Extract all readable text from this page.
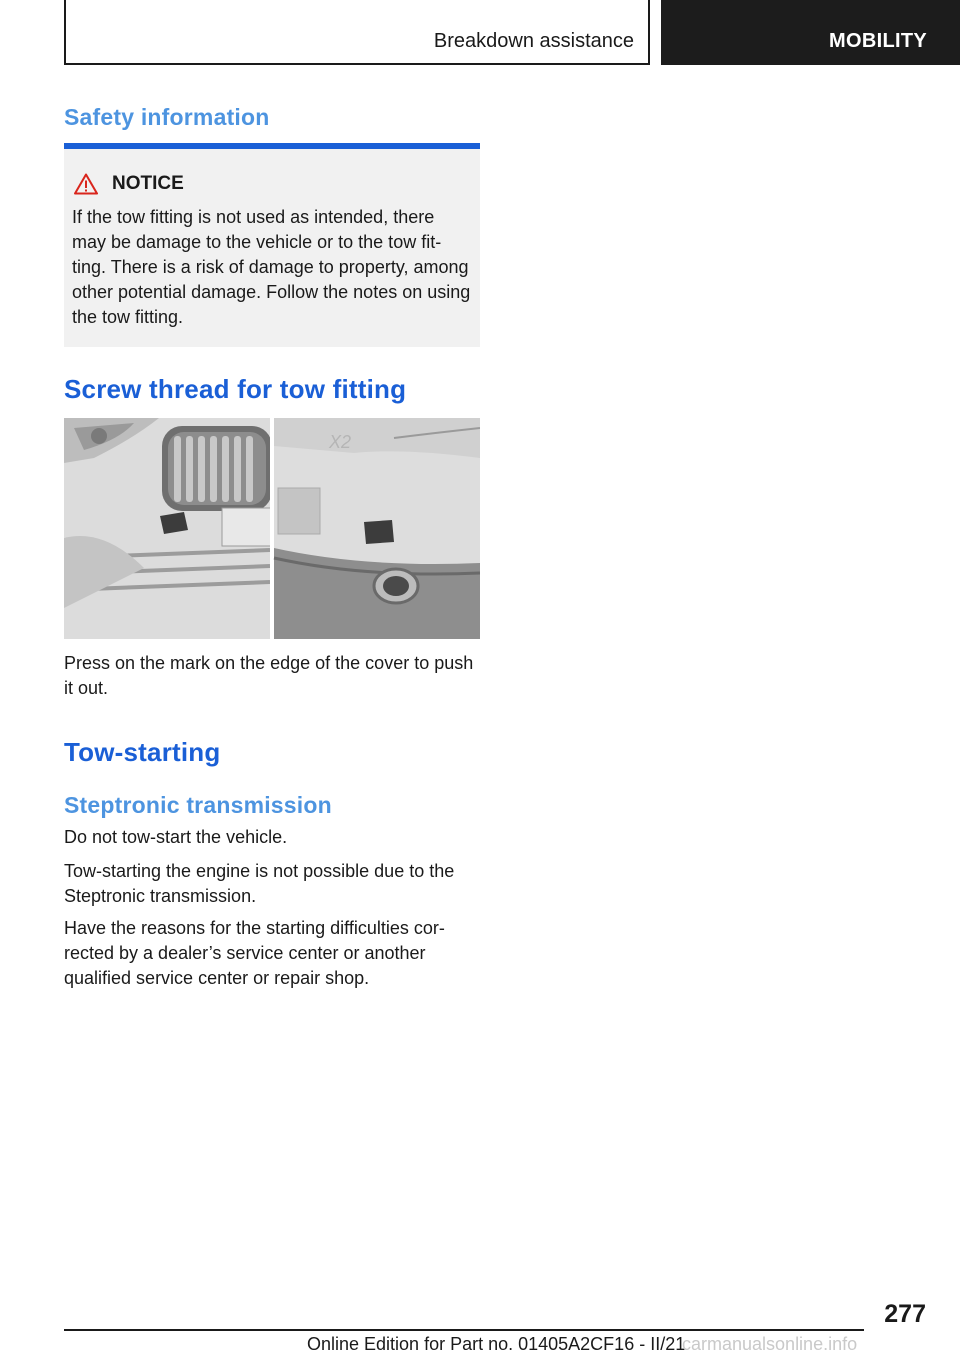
Breakdown assistance	MOBILITY
Safety information
NOTICE
If the tow fitting is not used as intended, there may be damage to the vehicle or to the tow fit-ting. There is a risk of damage to property, among other potential damage. Follow the notes on using the tow fitting.
Screw thread for tow fitting
X2
Press on the mark on the edge of the cover to push it out.
Tow-starting
Steptronic transmission
Do not tow-start the vehicle.
Tow-starting the engine is not possible due to the Steptronic transmission.
Have the reasons for the starting difficulties cor-rected by a dealer’s service center or another qualified service center or repair shop.
277
Online Edition for Part no. 01405A2CF16 - II/21
carmanualsonline.info
